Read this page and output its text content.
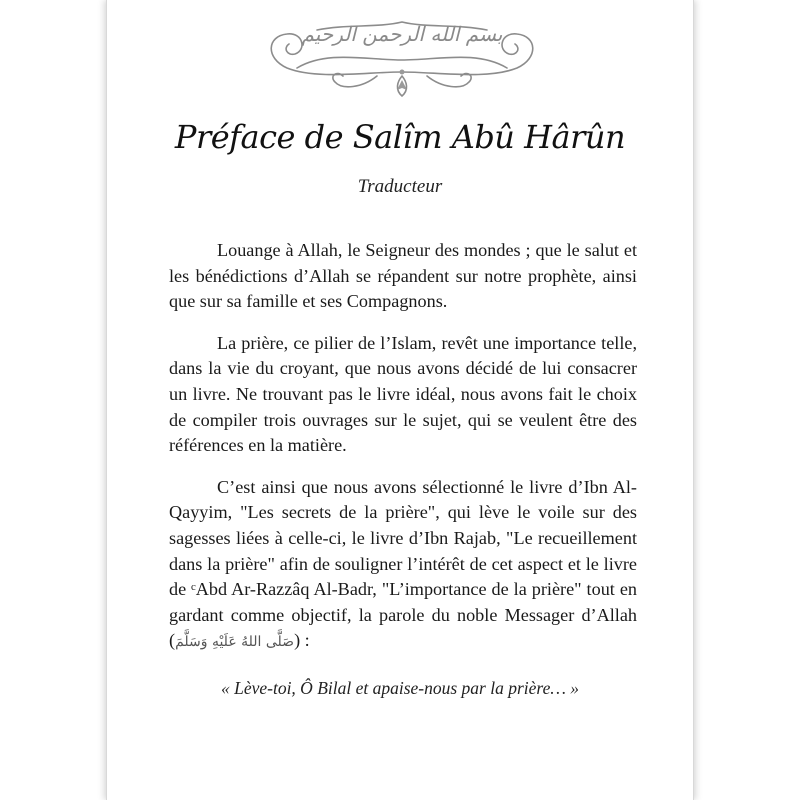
بسم الله الرحمن الرحيم
Préface de Salîm Abû Hârûn
Traducteur

Louange à Allah, le Seigneur des mondes ; que le salut et les bénédictions d’Allah se répandent sur notre prophète, ainsi que sur sa famille et ses Compagnons.

La prière, ce pilier de l’Islam, revêt une importance telle, dans la vie du croyant, que nous avons décidé de lui consacrer un livre. Ne trouvant pas le livre idéal, nous avons fait le choix de compiler trois ouvrages sur le sujet, qui se veulent être des références en la matière.

C’est ainsi que nous avons sélectionné le livre d’Ibn Al-Qayyim, "Les secrets de la prière", qui lève le voile sur des sagesses liées à celle-ci, le livre d’Ibn Rajab, "Le recueillement dans la prière" afin de souligner l’intérêt de cet aspect et le livre de ᶜAbd Ar-Razzâq Al-Badr, "L’importance de la prière" tout en gardant comme objectif, la parole du noble Messager d’Allah (صَلَّى اللهُ عَلَيْهِ وَسَلَّمَ) :

« Lève-toi, Ô Bilal et apaise-nous par la prière… »
